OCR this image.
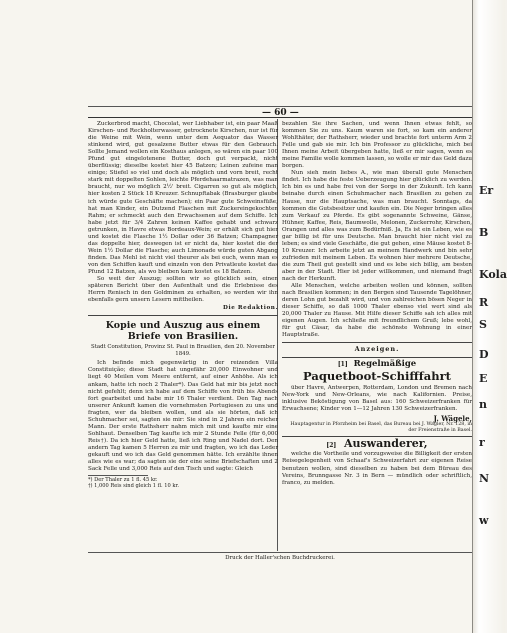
Er
B
Kola
R
S
D
E
n
r
N
w
— 60 —

Zuckerbrod macht, Chocolat, wer Liebhaber ist, ein paar Maaß Kirschen- und Reckholterwasser, getrocknete Kirschen, nur ist für die Weine mit Wein, wenn unter dem Aequator das Wasser stinkend wird, gut gesalzene Butter etwas für den Gebrauch. Sollte Jemand wollen ein Kosthaus anlegen, so wären ein paar 100 Pfund gut eingelotenene Butter, doch gut verpackt, nicht überflüssig; dieselbe kostet hier 45 Batzen; Leinen zufeine man einige; Stiefel so viel und doch als möglich und vorn breit, recht stark mit doppelten Sohlen, leichte Pferdehaarmatrazen, was man braucht, nur wo möglich 2½' breit. Cigarren so gut als möglich, hier kosten 2 Stück 18 Kreuzer. Schnupftabak (Brasburger glaube ich würde gute Geschäfte machen); ein Paar gute Schweinsfüße; hat man Kinder, ein Dutzend Flaschen mit Zuckereingekochten Rahm; er schmeckt auch den Erwachsenen auf dem Schiffe. Ich habe jetzt für 3/4 Zahren keinen Kaffee gehabt und schwarz getrunken, in Havre etwas Bordeaux-Wein; er erhält sich gut hier und kostet die Flasche 1½ Dollar oder 36 Batzen; Champagner das doppelte hier, deswegen ist er nicht da, hier kostet die der Wein 1½ Dollar die Flasche; auch Limonade würde guten Abgang finden. Das Mehl ist nicht viel theurer als bei euch, wenn man es von den Schiffen kauft und einzeln von den Privatleute kostet das Pfund 12 Batzen, als wo bleiben kam kostet es 18 Batzen.

So weit der Auszug; sollten wir so glücklich sein, einen späteren Bericht über den Aufenthalt und die Erlebnisse des Herrn Renisch in den Goldminen zu erhalten, so werden wir ihn ebenfalls gern unsern Lesern mittheilen.

Die Redaktion.

Kopie und Auszug aus einem Briefe von Brasilien.
Stadt Constitution, Provinz St. Paul in Brasilien, den 20. November 1849.

Ich befinde mich gegenwärtig in der reizenden Villa Constituição; diese Stadt hat ungefähr 20,000 Einwohner und liegt 40 Meilen vom Meere entfernt, auf einer Anhöhe. Als ich ankam, hatte ich noch 2 Thaler*). Das Geld hat mir bis jetzt noch nicht gefehlt; denn ich habe auf dem Schiffe von früh bis Abends fort gearbeitet und habe mir 16 Thaler verdient. Den Tag nach unserer Ankunft kamen die vornehmsten Portugiesen zu uns und fragten, wer da bleiben wollen, und als sie hörten, daß ich Schuhmacher sei, sagten sie mir: Sie sind in 2 Jahren ein reicher Mann. Der erste Rathsherr nahm mich mit und kaufte mir eine Sohlhaut. Denselben Tag kaufte ich mir 2 Stunde Felle (für 6,000 Reis†). Da ich hier Geld hatte, ließ ich Ring und Nadel dort. Den andern Tag kamen 5 Herren zu mir und fragten, wo ich das Leder gekauft und wo ich das Geld genommen hätte. Ich erzählte ihnen alles wie es war; da sagten sie der eine seine Briefschaften und 2 Sack Felle und 3,000 Reis auf den Tisch und sagte: Gleich

*) Der Thaler zu 1 fl. 45 kr.

†) 1,000 Reis sind gleich 1 fl. 10 kr.

bezahlen Sie ihre Sachen, und wenn Ihnen etwas fehlt, so kommen Sie zu uns. Kaum waren sie fort, so kam ein anderer Wohlthäter, der Rathsherr, wieder und brachte fort unterm Arm 2 Felle und gab sie mir. Ich bin Professor zu glückliche, mich bei Ihnen meine Arbeit übergeben hatte, ließ er mir sagen, wenn es meine Familie wolle kommen lassen, so wolle er mir das Geld dazu borgen.

Nun sieh mein liebes A., wie man überall gute Menschen findet. Ich habe die feste Ueberzeugung hier glücklich zu werden. Ich bin es und habe frei von der Sorge in der Zukunft. Ich kann beinahe durch einen Schuhmacher nach Brasilien zu gehen zu Hause, nur die Hauptsache, was man braucht. Sonntags, da kommen die Gutsbesitzer und kaufen ein. Die Neger bringen alles zum Verkauf zu Pferde. Es gibt sogenannte Schweine, Gänse, Hühner, Kaffee, Reis, Baumwolle, Melonen, Zuckerrohr, Kirschen, Orangen und alles was zum Bedürfniß. Ja, Es ist ein Leben, wie es gar billig ist für uns Deutsche. Man braucht hier nicht viel zu leben; es sind viele Geschäfte, die gut gehen, eine Mäuse kostet 8-10 Kreuzer. Ich arbeite jetzt an meinem Handwerk und bin sehr zufrieden mit meinem Leben. Es wohnen hier mehrere Deutsche, die zum Theil gut gestellt sind und es lebe sich billig, am besten aber in der Stadt. Hier ist jeder willkommen, und niemand fragt nach der Herkunft.

Alle Menschen, welche arbeiten wollen und können, sollten nach Brasilien kommen; in den Bergen sind Tausende Tagelöhner, deren Lohn gut bezahlt wird, und von zahlreichen bösen Neger in dieser Schiffe, so daß 1000 Thaler ebenso viel wert sind als 20,000 Thaler zu Hause. Mit Hilfe dieser Schiffe sah ich alles mit eigenen Augen. Ich schließe mit freundlichem Gruß; lebe wohl, für gut Cäsar, da habe die schönste Wohnung in einer Hauptstraße.

Anzeigen.
[1] Regelmäßige
Paquetboot-Schifffahrt

über Havre, Antwerpen, Rotterdam, London und Bremen nach New-York und New-Orleans, wie nach Kalifornien. Preise, inklusive Beköstigung von Basel aus: 160 Schweizerfranken für Erwachsene; Kinder von 1—12 Jahren 130 Schweizerfranken.

J. Wägele,
Hauptagentur in Pforzheim bei Basel, das Bureau bei J. Wagler, Nr. 128, in der Freienstraße in Basel.
[2] Auswanderer,

welche die Vortheile und vorzugsweise die Billigkeit der ersten Reisegelegenheit von Schaaf's Schweizerfahrt zur eigenen Reise benutzen wollen, sind dieselben zu haben bei dem Büreau des Vereins, Brunngasse Nr. 3 in Bern — mündlich oder schriftlich, franco, zu melden.

Druck der Haller'schen Buchdruckerei.
